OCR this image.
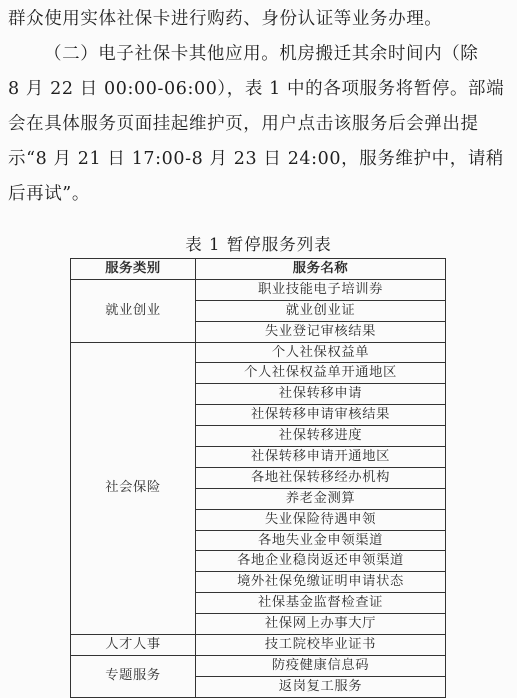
群众使用实体社保卡进行购药、身份认证等业务办理。
（二）电子社保卡其他应用。机房搬迁其余时间内（除
8 月 22 日 00:00-06:00），表 1 中的各项服务将暂停。部端
会在具体服务页面挂起维护页，用户点击该服务后会弹出提
示“8 月 21 日 17:00-8 月 23 日 24:00，服务维护中，请稍
后再试”。
表 1 暂停服务列表
服务类别	服务名称
就业创业	职业技能电子培训券
	就业创业证
	失业登记审核结果
社会保险	个人社保权益单
	个人社保权益单开通地区
	社保转移申请
	社保转移申请审核结果
	社保转移进度
	社保转移申请开通地区
	各地社保转移经办机构
	养老金测算
	失业保险待遇申领
	各地失业金申领渠道
	各地企业稳岗返还申领渠道
	境外社保免缴证明申请状态
	社保基金监督检查证
	社保网上办事大厅
人才人事	技工院校毕业证书
专题服务	防疫健康信息码
	返岗复工服务
